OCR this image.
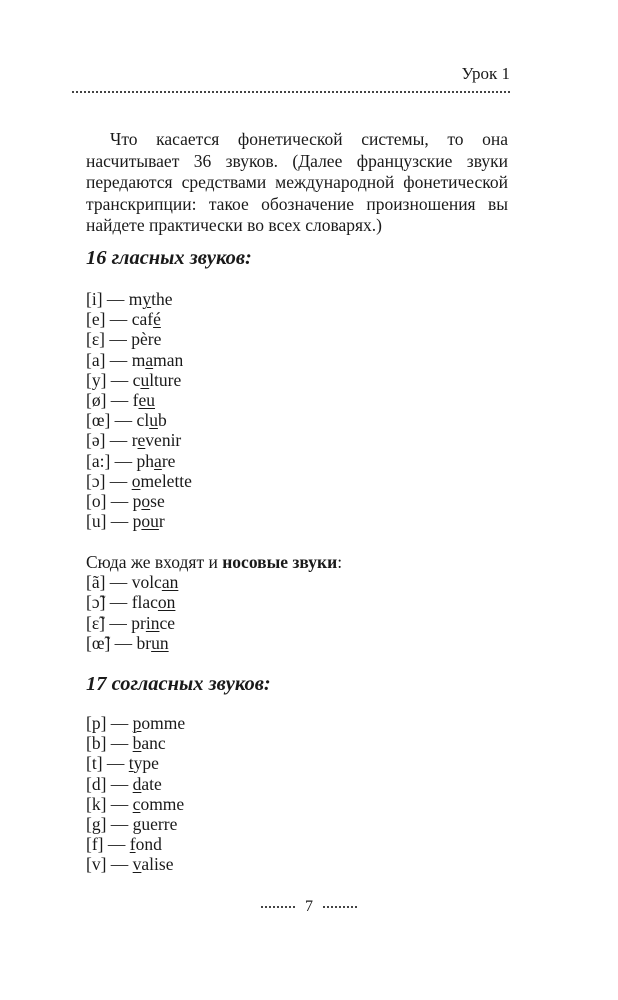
Урок 1
Что касается фонетической системы, то она насчитывает 36 звуков. (Далее французские звуки передаются средствами международной фонетической транскрипции: такое обозначение произношения вы найдете практически во всех словарях.)
16 гласных звуков:
[i] — mythe
[e] — café
[ɛ] — père
[a] — maman
[y] — culture
[ø] — feu
[œ] — club
[ə] — revenir
[a:] — phare
[ɔ] — omelette
[o] — pose
[u] — pour
Сюда же входят и носовые звуки:
[ã] — volcan
[ɔ̃] — flacon
[ɛ̃] — prince
[œ̃] — brun
17 согласных звуков:
[p] — pomme
[b] — banc
[t] — type
[d] — date
[k] — comme
[g] — guerre
[f] — fond
[v] — valise
7
